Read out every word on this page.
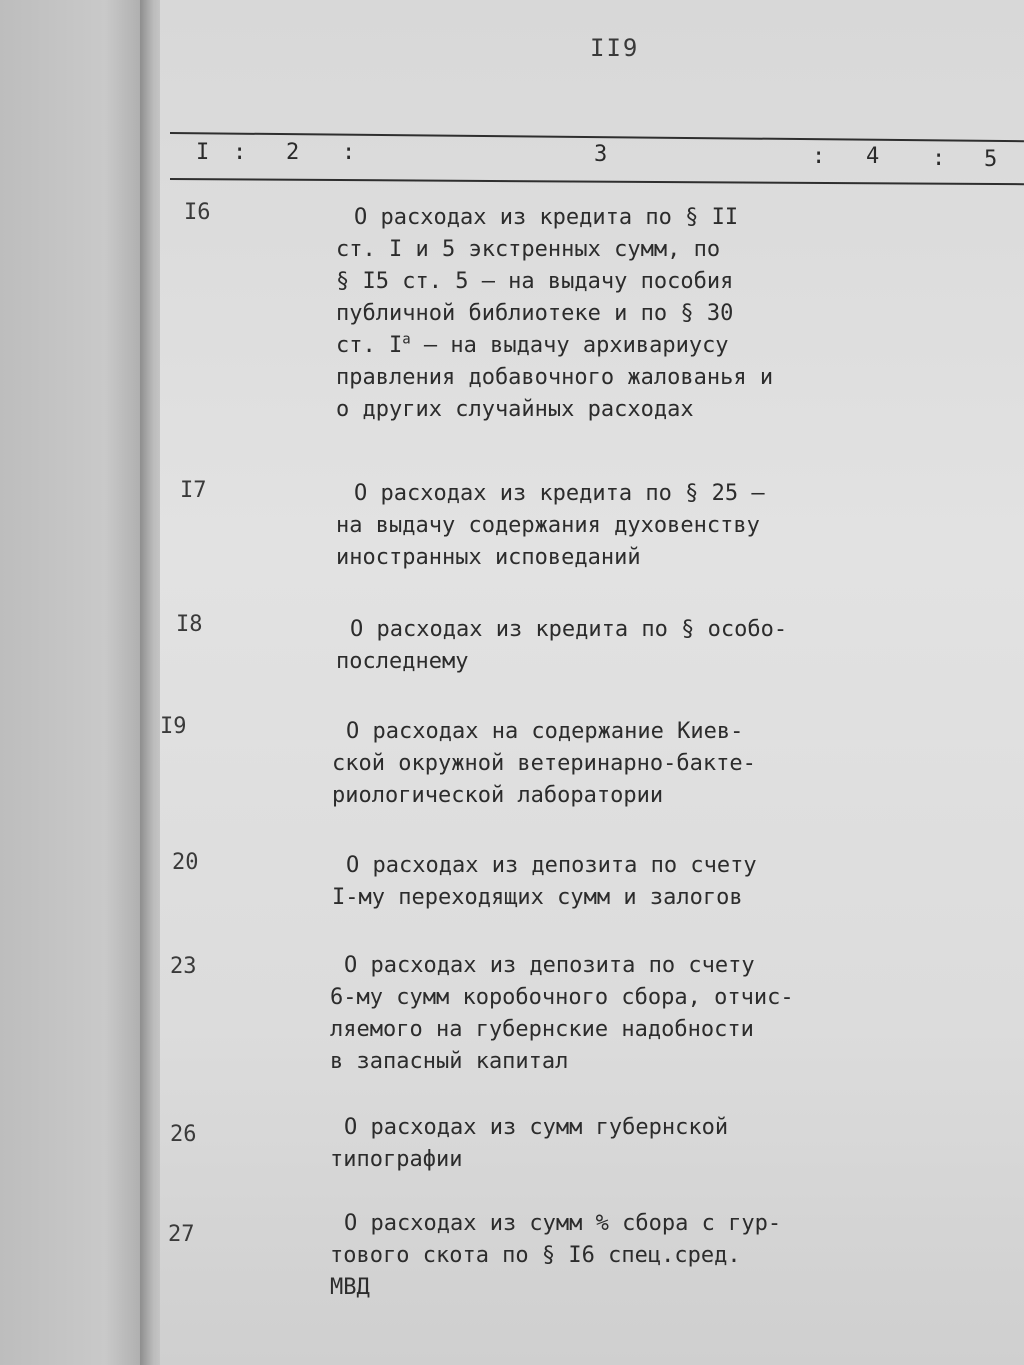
II9
I : 2 :	3	: 4 : 5
I6	О расходах из кредита по § II
ст. I и 5 экстренных сумм, по
§ I5 ст. 5 – на выдачу пособия
публичной библиотеке и по § 30
ст. $I^а$ – на выдачу архивариусу
правления добавочного жалованья и
о других случайных расходах
I7	О расходах из кредита по § 25 –
на выдачу содержания духовенству
иностранных исповеданий
I8	О расходах из кредита по § особо-
последнему
I9	О расходах на содержание Киев-
ской окружной ветеринарно-бакте-
риологической лаборатории
20	О расходах из депозита по счету
I-му переходящих сумм и залогов
23	О расходах из депозита по счету
6-му сумм коробочного сбора, отчис-
ляемого на губернские надобности
в запасный капитал
26	О расходах из сумм губернской
типографии
27	О расходах из сумм % сбора с гур-
тового скота по § I6 спец.сред.
МВД
